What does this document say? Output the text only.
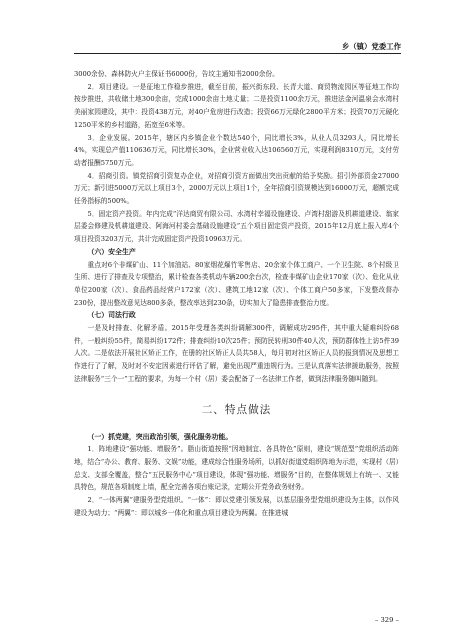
乡（镇）党委工作

3000余份、森林防火户主保证书6000份，告坟主通知书2000余份。

2．项目建设。一是征地工作稳步推进，截至目前，振兴街东段、长青大道、商贸物流园区等征地工作均按步推进，共收储土地300余亩，完成1000余亩土地丈量；二是投资1100余万元，推进法金河温泉会水湾村美丽家园建设，其中：投资438万元，对40户危房进行改造；投资66万元绿化2800平方米；投资70万元硬化1250平米的乡村道路，拓宽至6米等。

3．企业发展。2015年，辖区内乡镇企业个数达540个，同比增长3%，从业人员3293人，同比增长4%，实现总产值110636万元，同比增长30%，企业营业收入达106560万元，实现利润8310万元，支付劳动者报酬5750万元。

4．招商引资。镇党招商引资复办企业，对招商引资方面做出突出贡献的给予奖励。招引外部资金27000万元；新引进5000万元以上项目3个，2000万元以上项目1个，全年招商引资规模达到16000万元，超额完成任务指标的500%。

5．固定资产投资。年内完成“洋达商贸有限公司、水湾村幸福设施建设、卢湾村甜游及机耕道建设、翁家层委会修建及机耕道建设、阿海河村委会基础设施建设”五个项目固定资产投资，2015年12月底上报入库4个项目投资3203万元，共计完成固定资产投资10963万元。

（六）安全生产

重点对6个非煤矿山、11个加油站、80家烟花爆竹零售店、20余家个体工商户、一个卫生院、8个村级卫生所、进行了排查及专项整治，累计检查各类机动车辆200余台次，检查非煤矿山企业170家（次）、危化从业单位200家（次）、食品药品经营户172家（次）、建筑工地12家（次）、个体工商户50多家，下发整改督办230份，提出整改意见达800多条，整改率达到230条，切实加大了隐患排查整治力度。

（七）司法行政

一是及时排查、化解矛盾。2015年受理各类纠纷调解300件，调解成功295件，其中重大疑难纠纷68件，一般纠纷55件，简易纠纷172件；排查纠纷10次25件；预防民转刑30件40人次，预防群体性上访5件39人次。二是依法开展社区矫正工作，在册的社区矫正人员共58人，每月初对社区矫正人员的报到情况及思想工作进行了了解，及时对不安定因素进行评估了解，避免出现严重违规行为。三是认真落实法律援助服务，按照法律服务“三个一”工程的要求，为每一个村（居）委会配备了一名法律工作者，做到法律服务随叫随到。

二、特点做法

（一）抓党建，突出政治引领，强化服务功能。

1．阵地建设“强功能、增服务”。脂山街道按照“因地制宜、各具特色”原则，建设“规范型”党组织活动阵地，结合“办公、教育、服务、文娱”功能，建成综合性服务场所，以抓好街道党组织阵地为示范，实现村（居）总支、支部全覆盖，整合“五民服务中心”项目建设，体现“强功能、增服务”目的，在整体规划上有统一、又能具特色，规范各项制度上墙，配全完善各项台账记录，定期公开党务政务财务。

2．“一体两翼”建服务型党组织。“一体”：即以党建引领发展，以基层服务型党组织建设为主体，以作风建设为动力；“两翼”：即以城乡一体化和重点项目建设为两翼。在推进城

– 329 –
